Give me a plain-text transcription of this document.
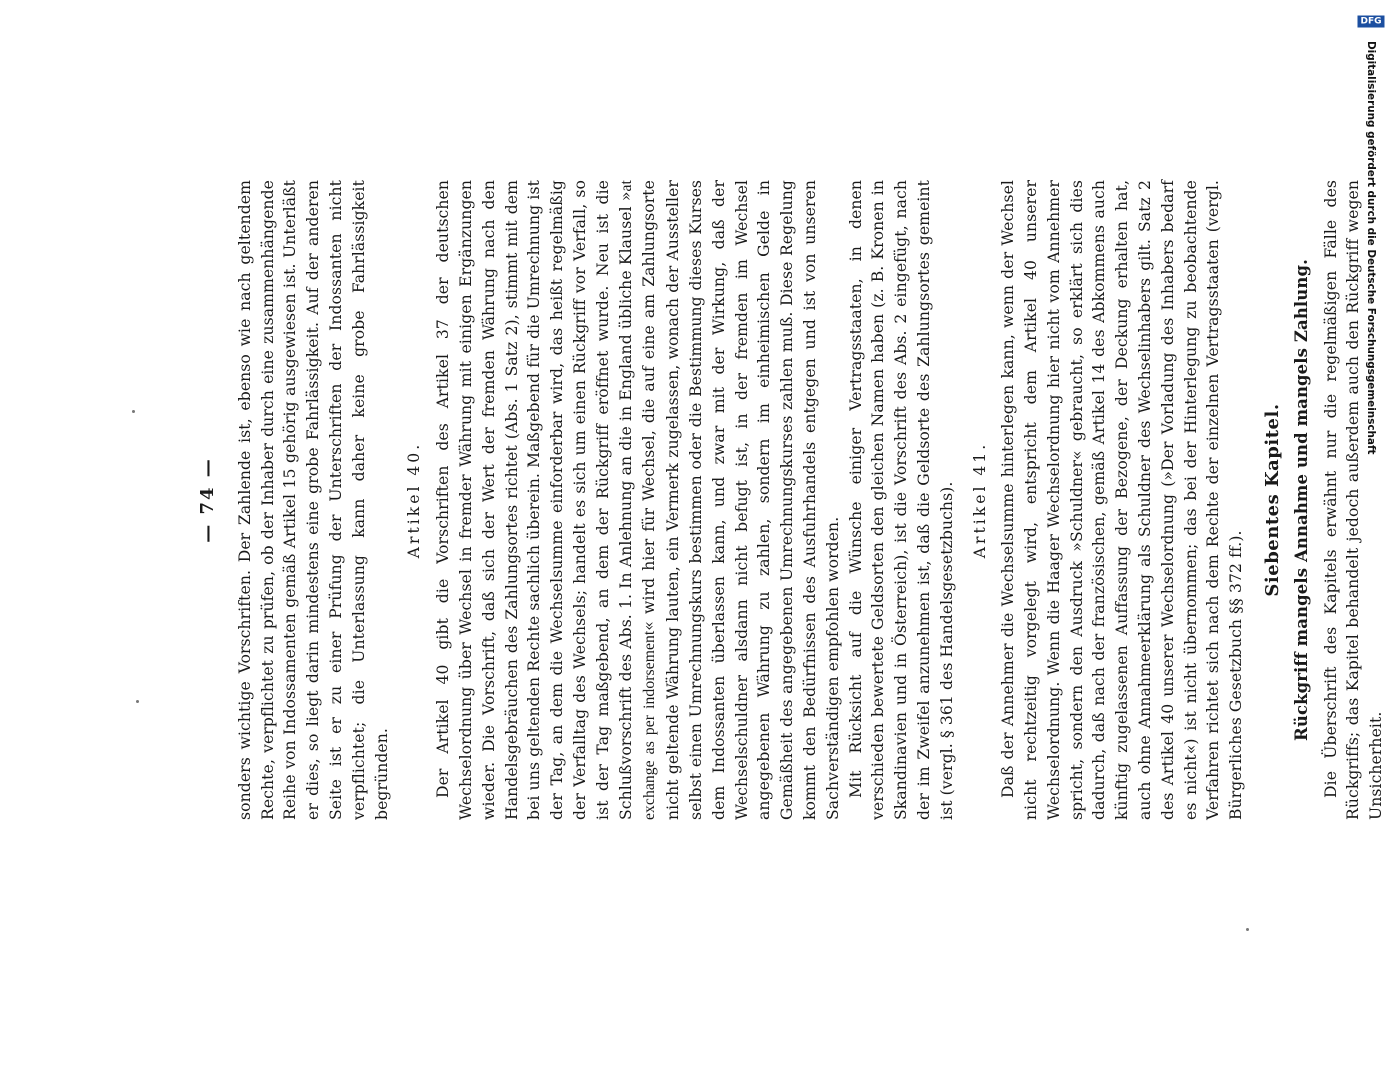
— 74 — sonders wichtige Vorschriften. Der Zahlende ist, ebenso wie nach geltendem Rechte, verpflichtet zu prüfen, ob der Inhaber durch eine zusammenhängende Reihe von Indossamenten gemäß Artikel 15 gehörig ausgewiesen ist. Unterläßt er dies, so liegt darin mindestens eine grobe Fahrlässigkeit. Auf der anderen Seite ist er zu einer Prüfung der Unterschriften der Indossanten nicht verpflichtet; die Unterlassung kann daher keine grobe Fahrlässigkeit begründen.

Artikel 40. Der Artikel 40 gibt die Vorschriften des Artikel 37 der deutschen Wechselordnung über Wechsel in fremder Währung mit einigen Ergänzungen wieder. Die Vorschrift, daß sich der Wert der fremden Währung nach den Handelsgebräuchen des Zahlungsortes richtet (Abs. 1 Satz 2), stimmt mit dem bei uns geltenden Rechte sachlich überein. Maßgebend für die Umrechnung ist der Tag, an dem die Wechselsumme einforderbar wird, das heißt regelmäßig der Verfalltag des Wechsels; handelt es sich um einen Rückgriff vor Verfall, so ist der Tag maßgebend, an dem der Rückgriff eröffnet wurde. Neu ist die Schlußvorschrift des Abs. 1. In Anlehnung an die in England übliche Klausel »at exchange as per indorsement« wird hier für Wechsel, die auf eine am Zahlungsorte nicht geltende Währung lauten, ein Vermerk zugelassen, wonach der Aussteller selbst einen Umrechnungskurs bestimmen oder die Bestimmung dieses Kurses dem Indossanten überlassen kann, und zwar mit der Wirkung, daß der Wechselschuldner alsdann nicht befugt ist, in der fremden im Wechsel angegebenen Währung zu zahlen, sondern im einheimischen Gelde in Gemäßheit des angegebenen Umrechnungskurses zahlen muß. Diese Regelung kommt den Bedürfnissen des Ausfuhrhandels entgegen und ist von unseren Sachverständigen empfohlen worden. Mit Rücksicht auf die Wünsche einiger Vertragsstaaten, in denen verschieden bewertete Geldsorten den gleichen Namen haben (z. B. Kronen in Skandinavien und in Österreich), ist die Vorschrift des Abs. 2 eingefügt, nach der im Zweifel anzunehmen ist, daß die Geldsorte des Zahlungsortes gemeint ist (vergl. § 361 des Handelsgesetzbuchs). Artikel 41. Daß der Annehmer die Wechselsumme hinterlegen kann, wenn der Wechsel nicht rechtzeitig vorgelegt wird, entspricht dem Artikel 40 unserer Wechselordnung. Wenn die Haager Wechselordnung hier nicht vom Annehmer spricht, sondern den Ausdruck »Schuldner« gebraucht, so erklärt sich dies dadurch, daß nach der französischen, gemäß Artikel 14 des Abkommens auch künftig zugelassenen Auffassung der Bezogene, der Deckung erhalten hat, auch ohne Annahmeerklärung als Schuldner des Wechselinhabers gilt. Satz 2 des Artikel 40 unserer Wechselordnung (»Der Vorladung des Inhabers bedarf es nicht«) ist nicht übernommen; das bei der Hinterlegung zu beobachtende Verfahren richtet sich nach dem Rechte der einzelnen Vertragsstaaten (vergl. Bürgerliches Gesetzbuch §§ 372 ff.).

Siebentes Kapitel. Rückgriff mangels Annahme und mangels Zahlung. Die Überschrift des Kapitels erwähnt nur die regelmäßigen Fälle des Rückgriffs; das Kapitel behandelt jedoch außerdem auch den Rückgriff wegen Unsicherheit.

DFG
Digitalisierung gefördert durch die Deutsche Forschungsgemeinschaft
